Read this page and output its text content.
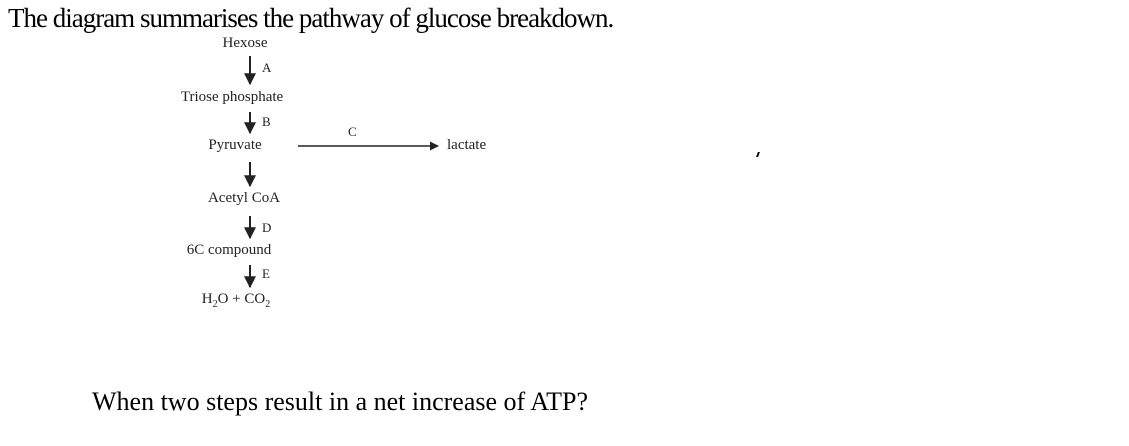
The diagram summarises the pathway of glucose breakdown.
Hexose
A
Triose phosphate
B
Pyruvate
C
lactate
Acetyl CoA
D
6C compound
E
$H_2O + CO_2$
When two steps result in a net increase of ATP?
